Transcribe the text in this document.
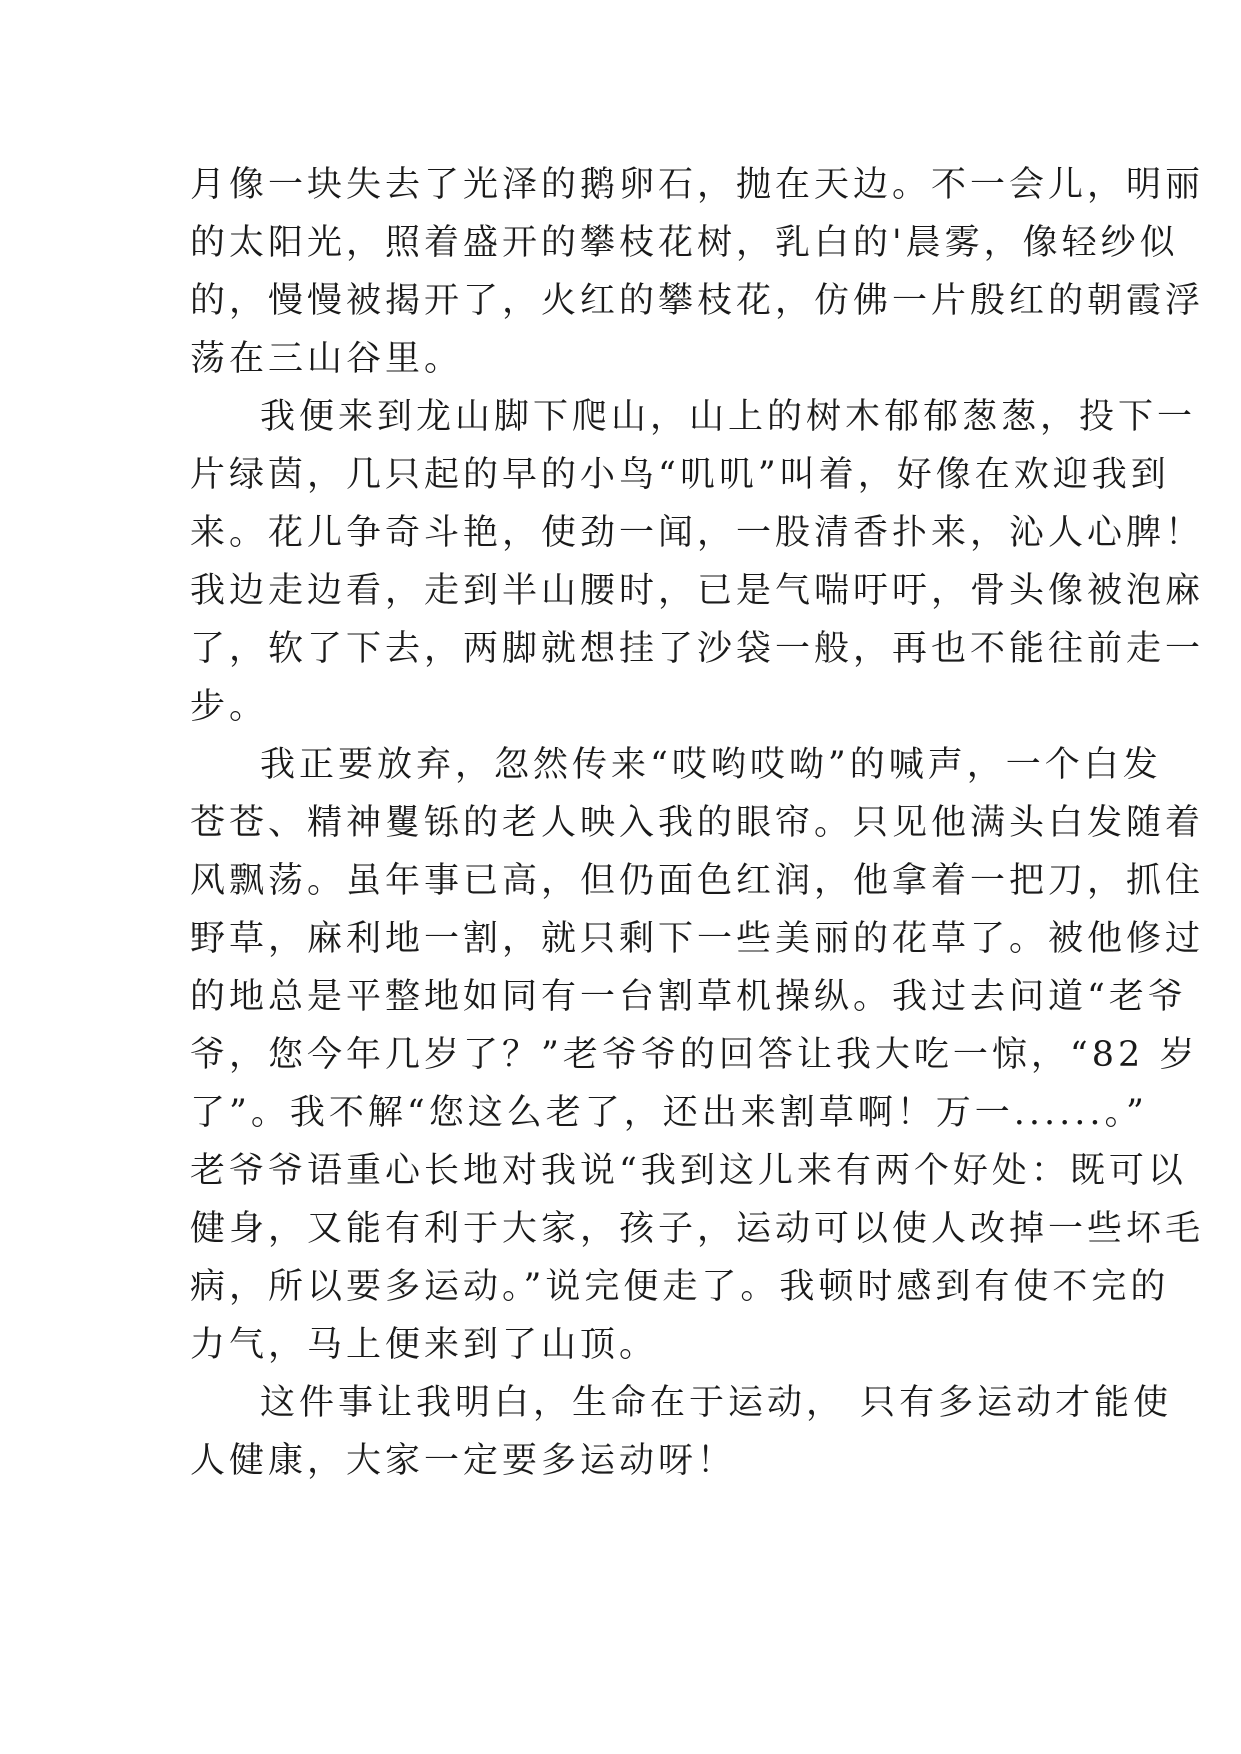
月像一块失去了光泽的鹅卵石，抛在天边。不一会儿，明丽
的太阳光，照着盛开的攀枝花树，乳白的'晨雾，像轻纱似
的，慢慢被揭开了，火红的攀枝花，仿佛一片殷红的朝霞浮
荡在三山谷里。
我便来到龙山脚下爬山，山上的树木郁郁葱葱，投下一
片绿茵，几只起的早的小鸟“叽叽”叫着，好像在欢迎我到
来。花儿争奇斗艳，使劲一闻，一股清香扑来，沁人心脾！
我边走边看，走到半山腰时，已是气喘吁吁，骨头像被泡麻
了，软了下去，两脚就想挂了沙袋一般，再也不能往前走一
步。
我正要放弃，忽然传来“哎哟哎呦”的喊声，一个白发
苍苍、精神矍铄的老人映入我的眼帘。只见他满头白发随着
风飘荡。虽年事已高，但仍面色红润，他拿着一把刀，抓住
野草，麻利地一割，就只剩下一些美丽的花草了。被他修过
的地总是平整地如同有一台割草机操纵。我过去问道“老爷
爷，您今年几岁了？”老爷爷的回答让我大吃一惊，“82 岁
了”。我不解“您这么老了，还出来割草啊！万一......。”
老爷爷语重心长地对我说“我到这儿来有两个好处：既可以
健身，又能有利于大家，孩子，运动可以使人改掉一些坏毛
病，所以要多运动。”说完便走了。我顿时感到有使不完的
力气，马上便来到了山顶。
这件事让我明白，生命在于运动， 只有多运动才能使
人健康，大家一定要多运动呀！
